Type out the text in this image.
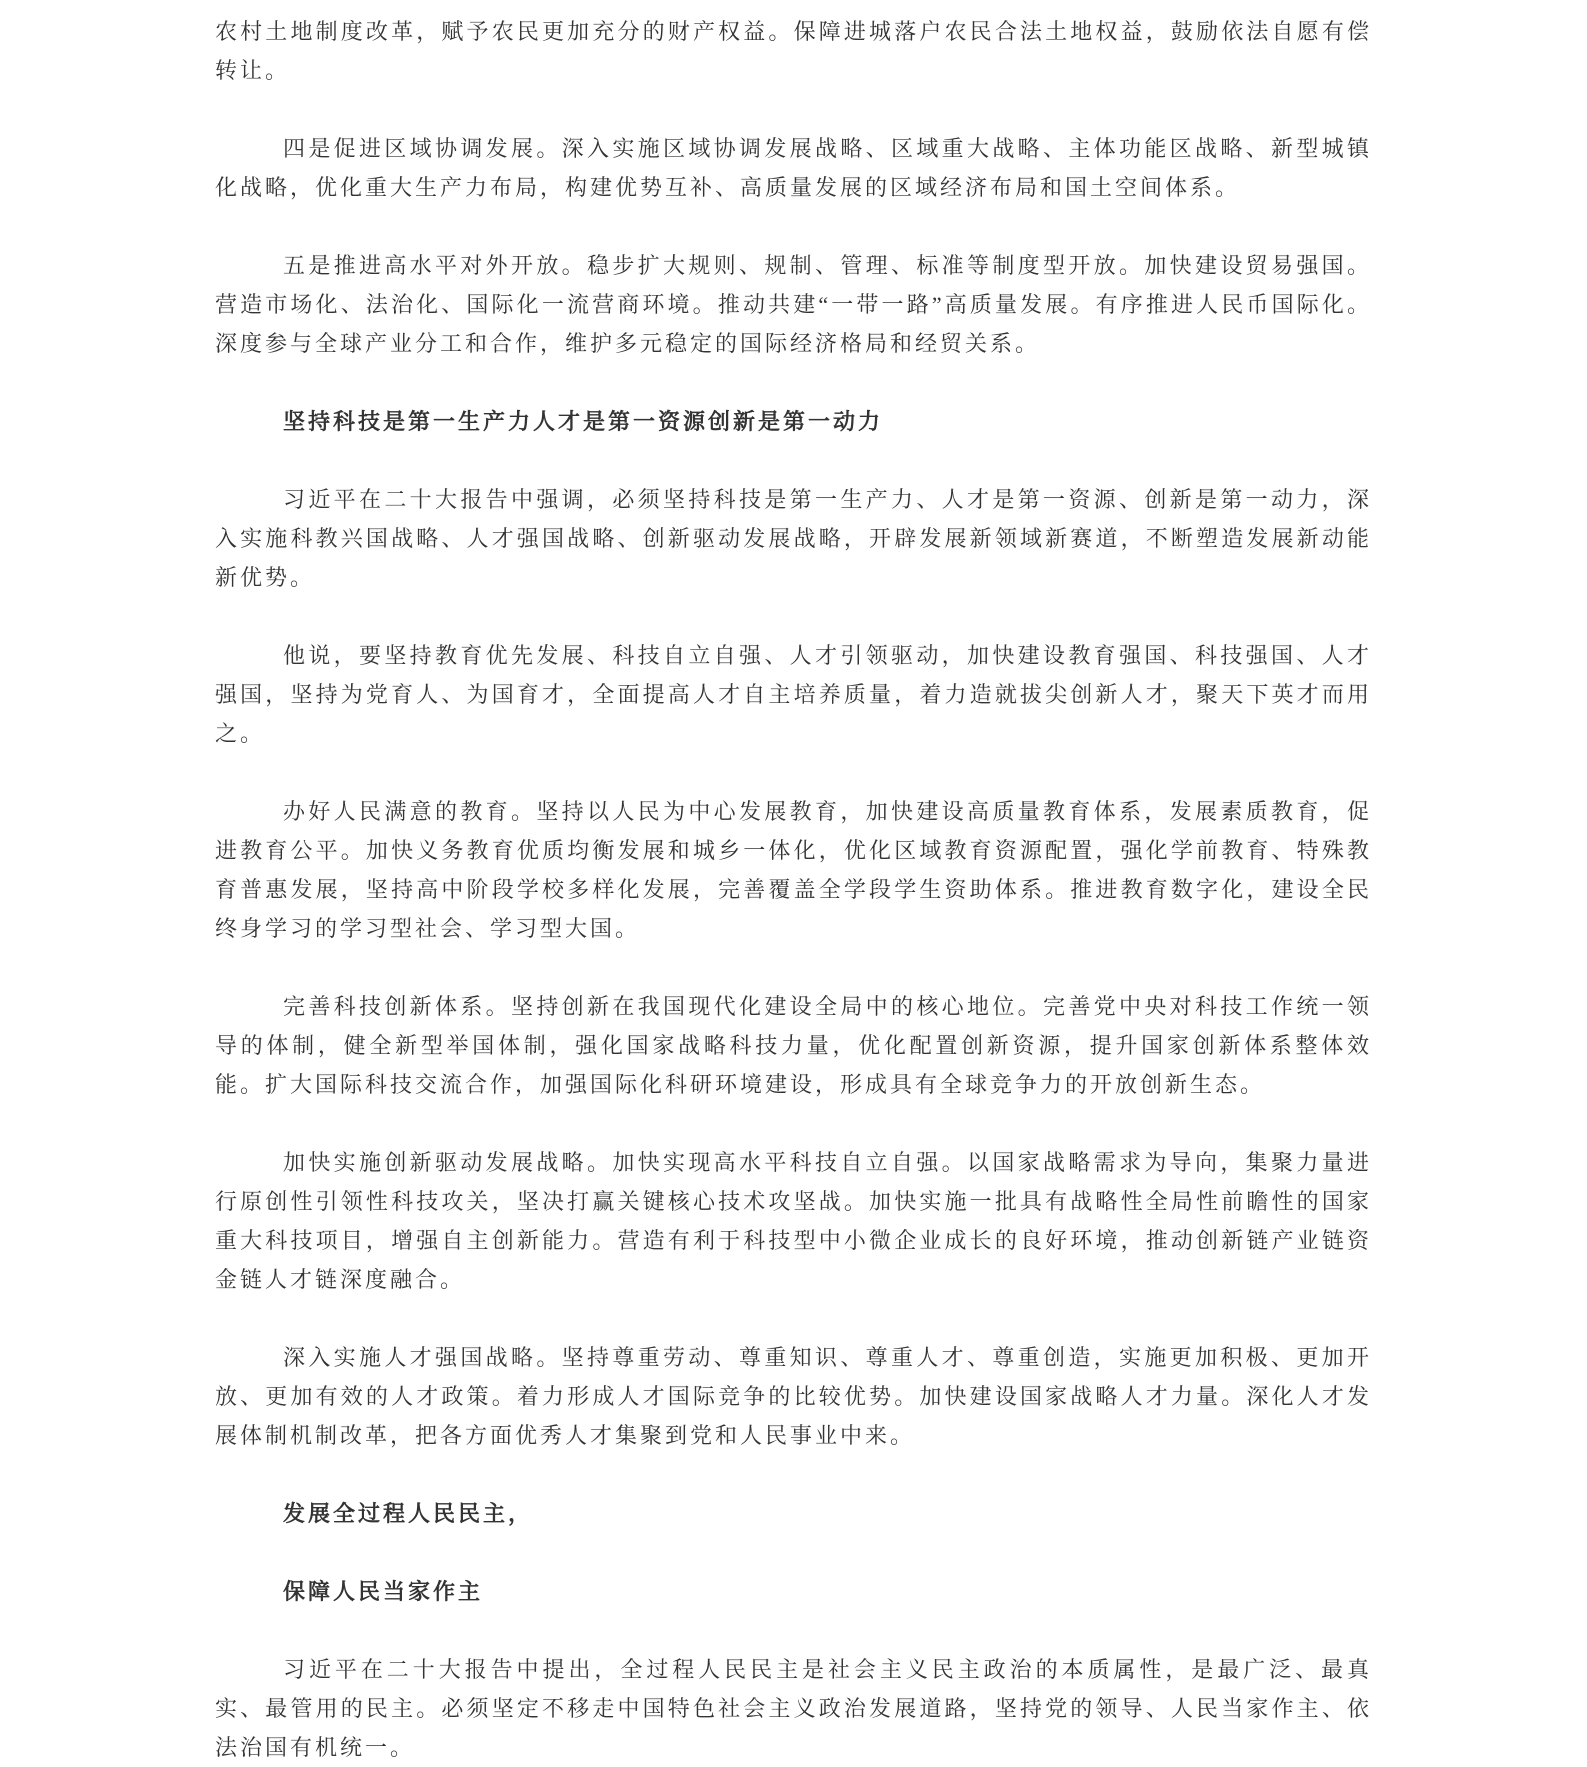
农村土地制度改革，赋予农民更加充分的财产权益。保障进城落户农民合法土地权益，鼓励依法自愿有偿转让。

四是促进区域协调发展。深入实施区域协调发展战略、区域重大战略、主体功能区战略、新型城镇化战略，优化重大生产力布局，构建优势互补、高质量发展的区域经济布局和国土空间体系。

五是推进高水平对外开放。稳步扩大规则、规制、管理、标准等制度型开放。加快建设贸易强国。营造市场化、法治化、国际化一流营商环境。推动共建“一带一路”高质量发展。有序推进人民币国际化。深度参与全球产业分工和合作，维护多元稳定的国际经济格局和经贸关系。

坚持科技是第一生产力人才是第一资源创新是第一动力

习近平在二十大报告中强调，必须坚持科技是第一生产力、人才是第一资源、创新是第一动力，深入实施科教兴国战略、人才强国战略、创新驱动发展战略，开辟发展新领域新赛道，不断塑造发展新动能新优势。

他说，要坚持教育优先发展、科技自立自强、人才引领驱动，加快建设教育强国、科技强国、人才强国，坚持为党育人、为国育才，全面提高人才自主培养质量，着力造就拔尖创新人才，聚天下英才而用之。

办好人民满意的教育。坚持以人民为中心发展教育，加快建设高质量教育体系，发展素质教育，促进教育公平。加快义务教育优质均衡发展和城乡一体化，优化区域教育资源配置，强化学前教育、特殊教育普惠发展，坚持高中阶段学校多样化发展，完善覆盖全学段学生资助体系。推进教育数字化，建设全民终身学习的学习型社会、学习型大国。

完善科技创新体系。坚持创新在我国现代化建设全局中的核心地位。完善党中央对科技工作统一领导的体制，健全新型举国体制，强化国家战略科技力量，优化配置创新资源，提升国家创新体系整体效能。扩大国际科技交流合作，加强国际化科研环境建设，形成具有全球竞争力的开放创新生态。

加快实施创新驱动发展战略。加快实现高水平科技自立自强。以国家战略需求为导向，集聚力量进行原创性引领性科技攻关，坚决打赢关键核心技术攻坚战。加快实施一批具有战略性全局性前瞻性的国家重大科技项目，增强自主创新能力。营造有利于科技型中小微企业成长的良好环境，推动创新链产业链资金链人才链深度融合。

深入实施人才强国战略。坚持尊重劳动、尊重知识、尊重人才、尊重创造，实施更加积极、更加开放、更加有效的人才政策。着力形成人才国际竞争的比较优势。加快建设国家战略人才力量。深化人才发展体制机制改革，把各方面优秀人才集聚到党和人民事业中来。

发展全过程人民民主，
保障人民当家作主

习近平在二十大报告中提出，全过程人民民主是社会主义民主政治的本质属性，是最广泛、最真实、最管用的民主。必须坚定不移走中国特色社会主义政治发展道路，坚持党的领导、人民当家作主、依法治国有机统一。
